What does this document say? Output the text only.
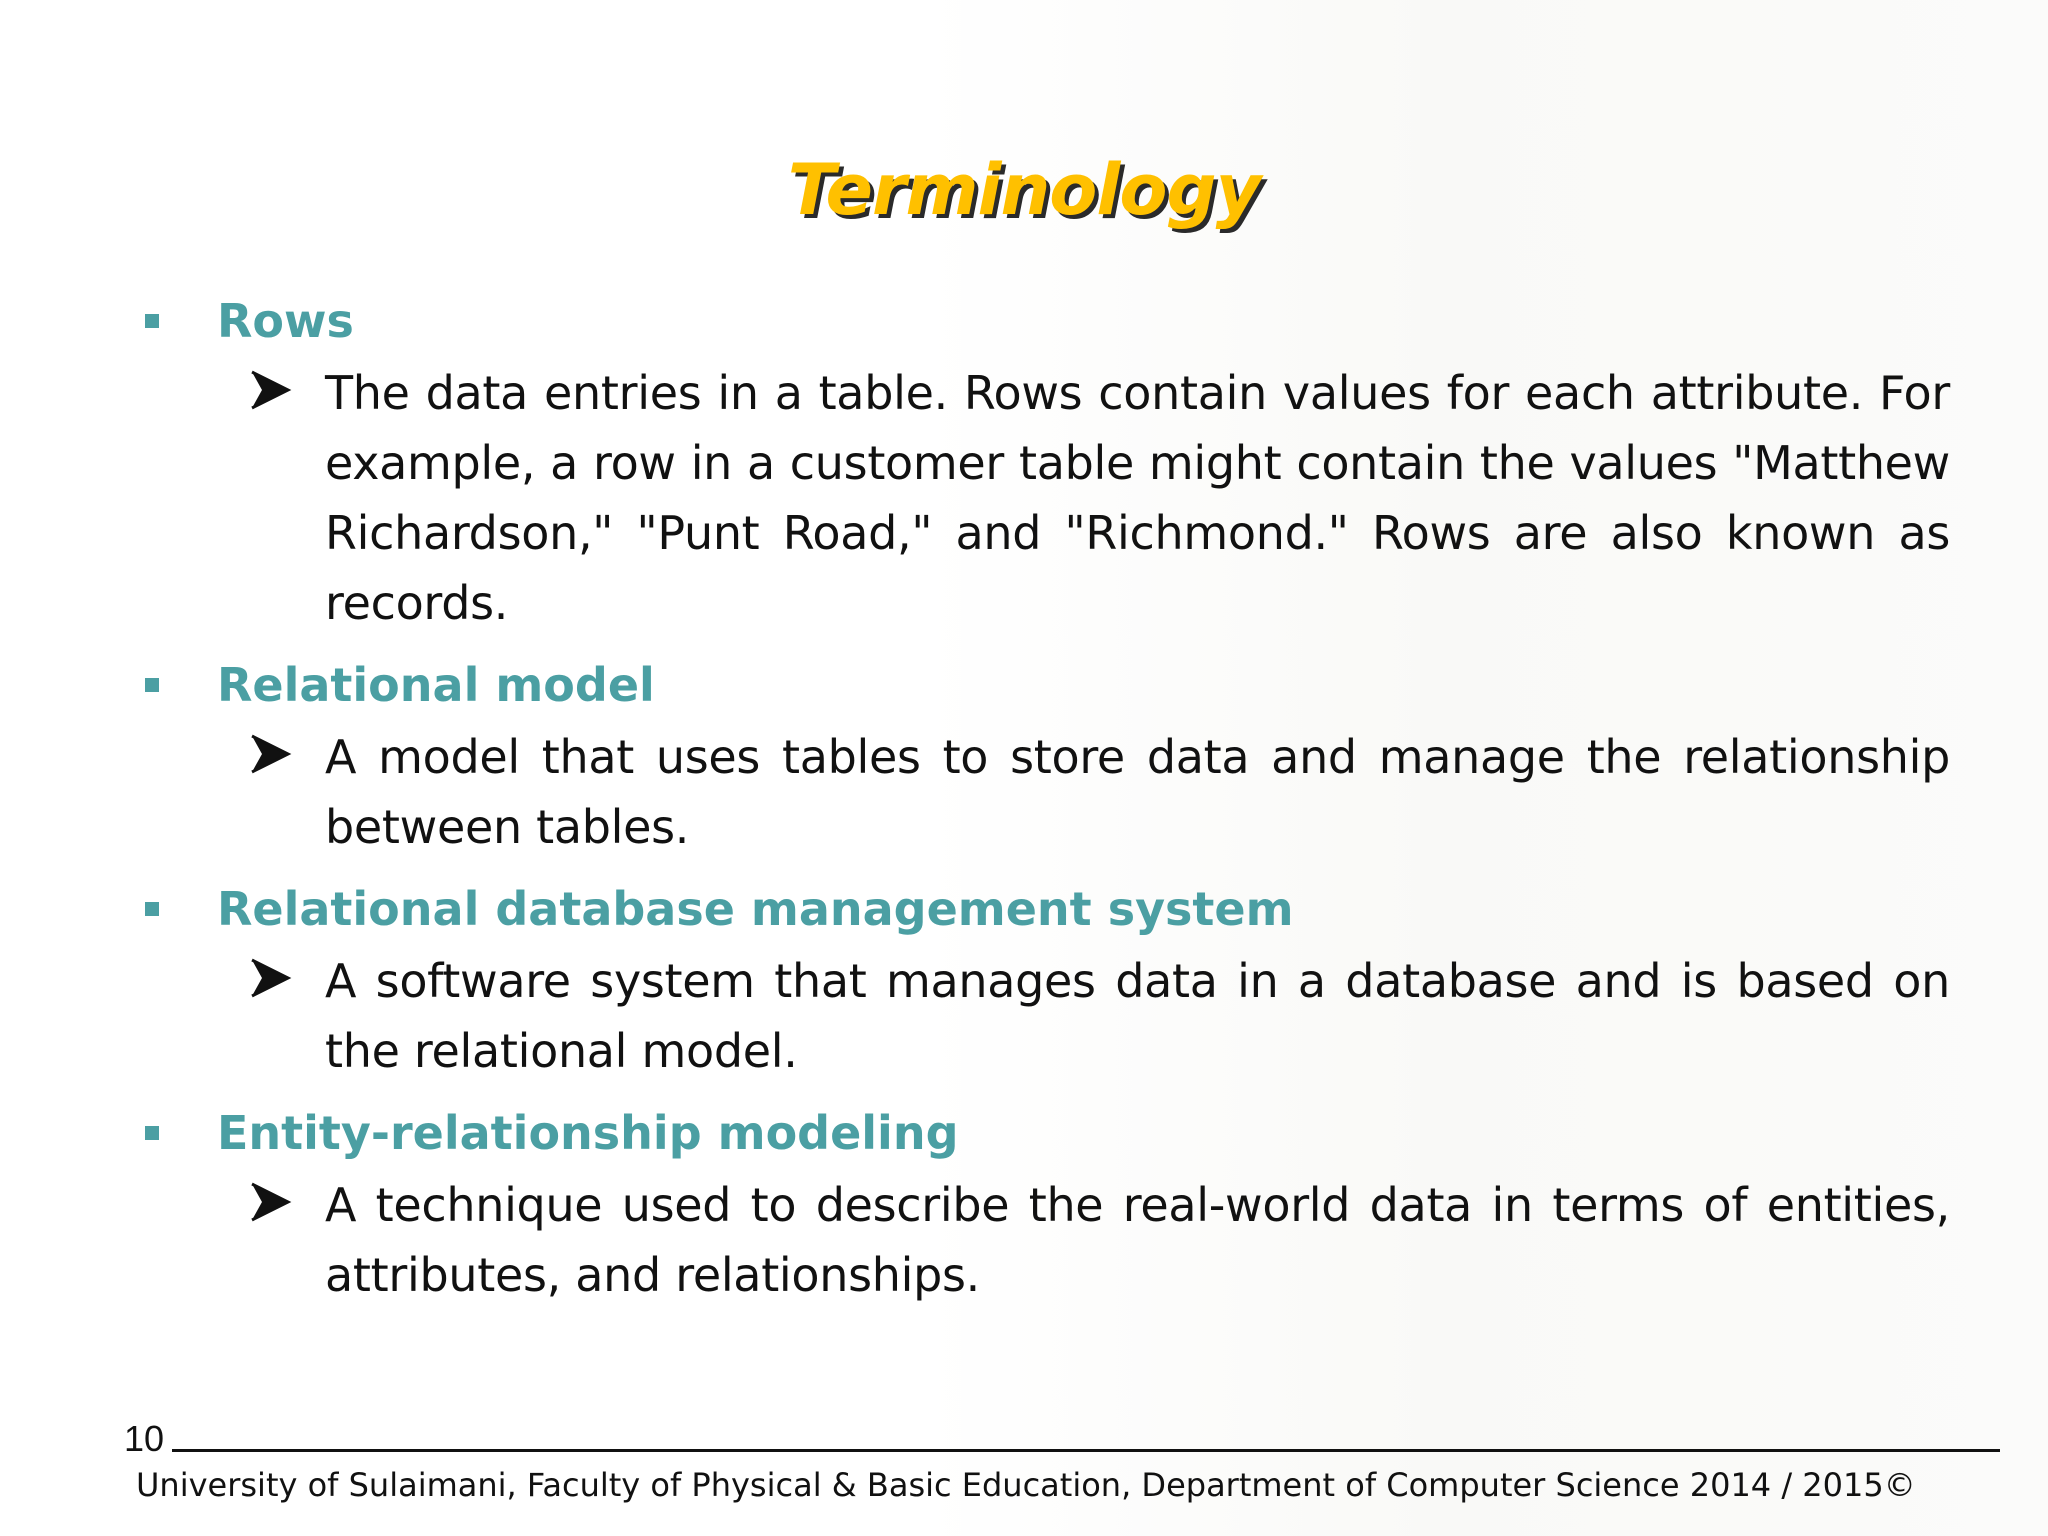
Terminology
Rows

The data entries in a table. Rows contain values for each attribute. For example, a row in a customer table might contain the values "Matthew Richardson," "Punt Road," and "Richmond." Rows are also known as records.

Relational model

A model that uses tables to store data and manage the relationship between tables.

Relational database management system

A software system that manages data in a database and is based on the relational model.

Entity-relationship modeling

A technique used to describe the real-world data in terms of entities, attributes, and relationships.

10
University of Sulaimani, Faculty of Physical & Basic Education, Department of Computer Science 2014 / 2015©
